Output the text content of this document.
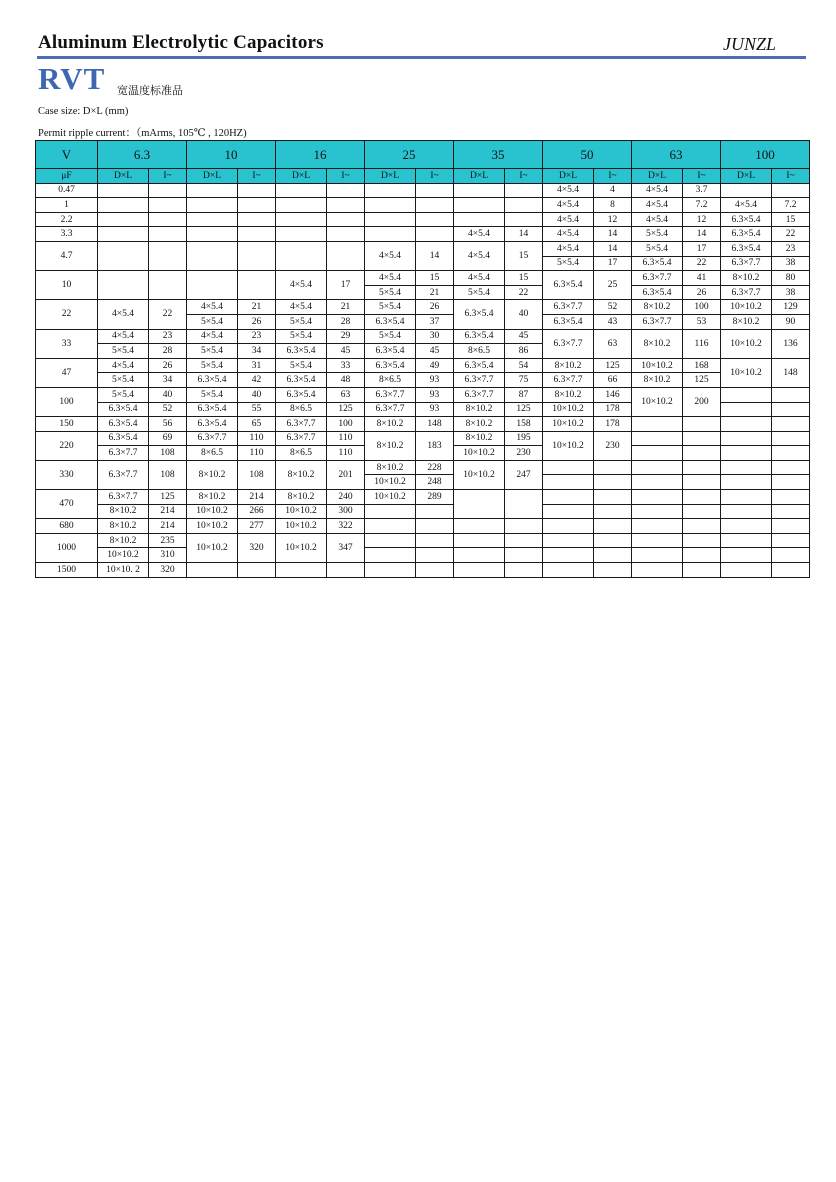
Aluminum Electrolytic Capacitors	JUNZL
RVT 宽温度标准品
Case size: D×L (mm)
Permit ripple current：（mArms, 105℃ , 120HZ)
V	6.3		10		16		25		35		50		63		100	
μF	D×L	I~	D×L	I~	D×L	I~	D×L	I~	D×L	I~	D×L	I~	D×L	I~	D×L	I~
0.47											4×5.4	4	4×5.4	3.7		
1											4×5.4	8	4×5.4	7.2	4×5.4	7.2
2.2											4×5.4	12	4×5.4	12	6.3×5.4	15
3.3									4×5.4	14	4×5.4	14	5×5.4	14	6.3×5.4	22
4.7							4×5.4	14	4×5.4	15	4×5.4	14	5×5.4	17	6.3×5.4	23
											5×5.4	17	6.3×5.4	22	6.3×7.7	38
10					4×5.4	17	4×5.4	15	4×5.4	15	6.3×5.4	25	6.3×7.7	41	8×10.2	80
							5×5.4	21	5×5.4	22			6.3×5.4	26	6.3×7.7	38
22	4×5.4	22	4×5.4	21	4×5.4	21	5×5.4	26	6.3×5.4	40	6.3×7.7	52	8×10.2	100	10×10.2	129
			5×5.4	26	5×5.4	28	6.3×5.4	37			6.3×5.4	43	6.3×7.7	53	8×10.2	90
33	4×5.4	23	4×5.4	23	5×5.4	29	5×5.4	30	6.3×5.4	45	6.3×7.7	63	8×10.2	116	10×10.2	136
	5×5.4	28	5×5.4	34	6.3×5.4	45	6.3×5.4	45	8×6.5	86						
47	4×5.4	26	5×5.4	31	5×5.4	33	6.3×5.4	49	6.3×5.4	54	8×10.2	125	10×10.2	168	10×10.2	148
	5×5.4	34	6.3×5.4	42	6.3×5.4	48	8×6.5	93	6.3×7.7	75	6.3×7.7	66	8×10.2	125		
100	5×5.4	40	5×5.4	40	6.3×5.4	63	6.3×7.7	93	6.3×7.7	87	8×10.2	146	10×10.2	200		
	6.3×5.4	52	6.3×5.4	55	8×6.5	125	6.3×7.7	93	8×10.2	125	10×10.2	178				
150	6.3×5.4	56	6.3×5.4	65	6.3×7.7	100	8×10.2	148	8×10.2	158	10×10.2	178				
220	6.3×5.4	69	6.3×7.7	110	6.3×7.7	110	8×10.2	183	8×10.2	195	10×10.2	230				
	6.3×7.7	108	8×6.5	110	8×6.5	110			10×10.2	230						
330	6.3×7.7	108	8×10.2	108	8×10.2	201	8×10.2	228	10×10.2	247						
							10×10.2	248								
470	6.3×7.7	125	8×10.2	214	8×10.2	240	10×10.2	289								
	8×10.2	214	10×10.2	266	10×10.2	300										
680	8×10.2	214	10×10.2	277	10×10.2	322										
1000	8×10.2	235	10×10.2	320	10×10.2	347										
	10×10.2	310														
1500	10×10. 2	320														
